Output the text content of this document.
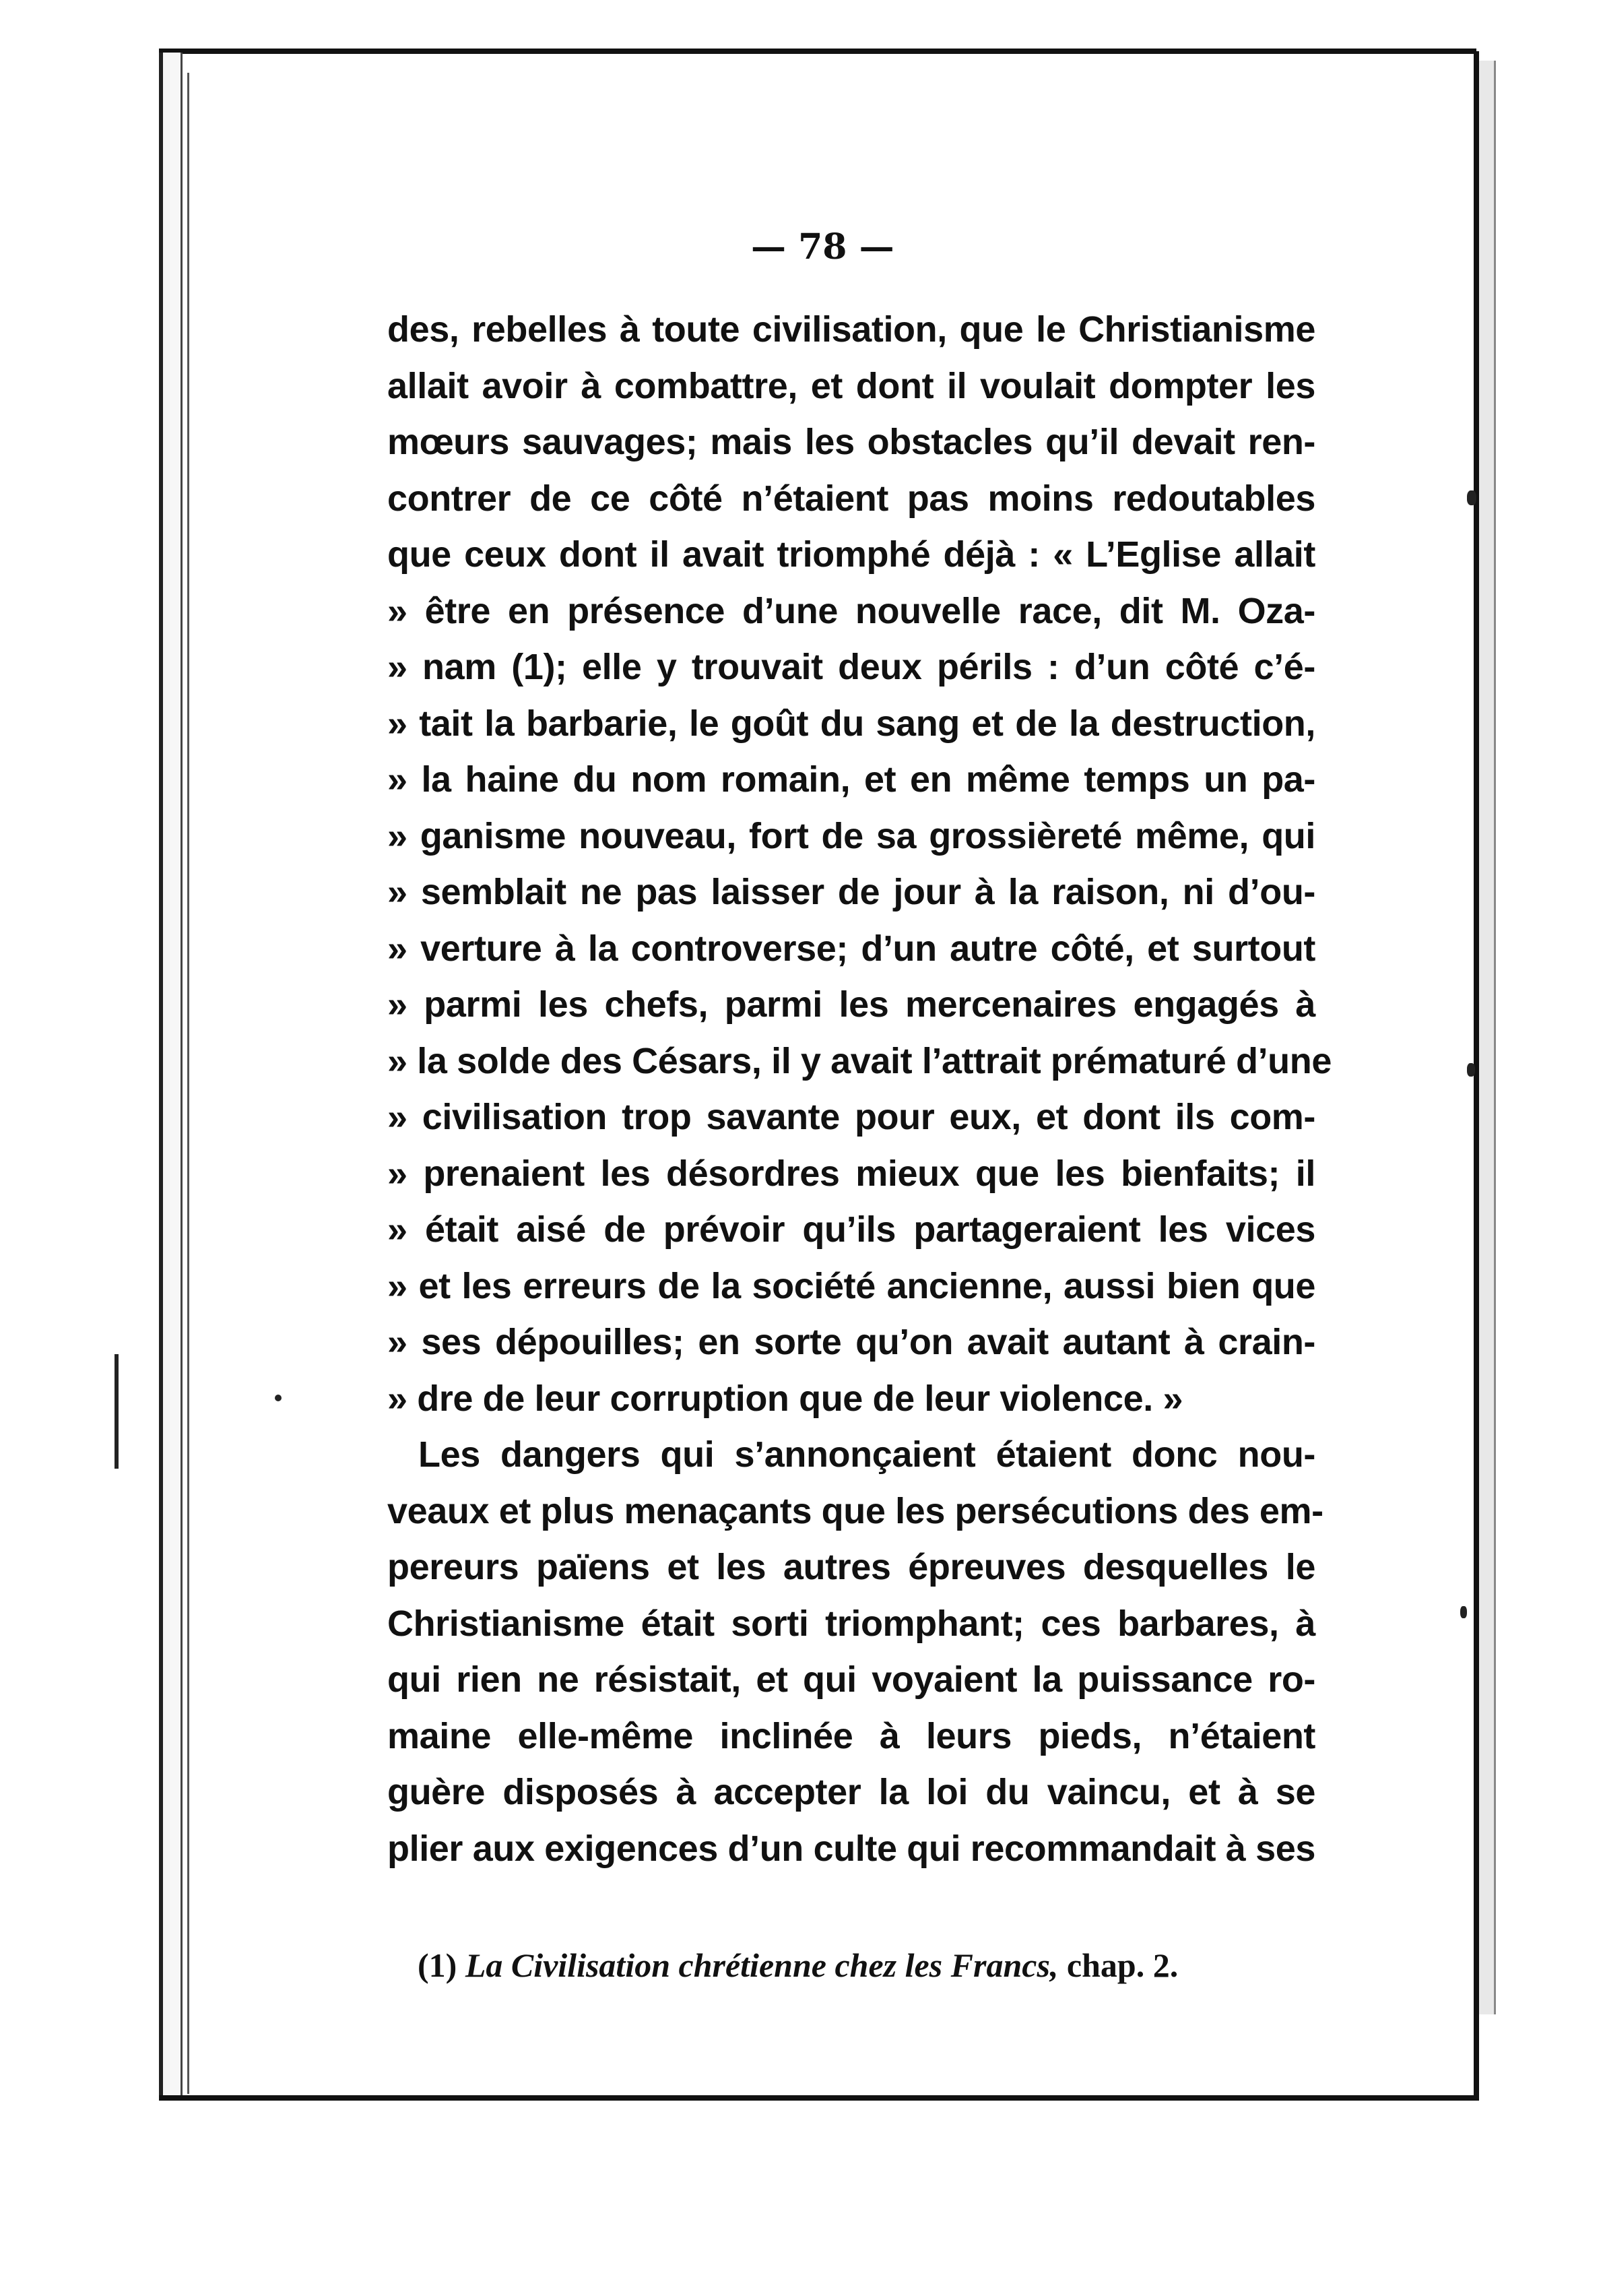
— 78 —
des, rebelles à toute civilisation, que le Christianisme
allait avoir à combattre, et dont il voulait dompter les
mœurs sauvages; mais les obstacles qu’il devait ren-
contrer de ce côté n’étaient pas moins redoutables
que ceux dont il avait triomphé déjà : « L’Eglise allait
» être en présence d’une nouvelle race, dit M. Oza-
» nam (1); elle y trouvait deux périls : d’un côté c’é-
» tait la barbarie, le goût du sang et de la destruction,
» la haine du nom romain, et en même temps un pa-
» ganisme nouveau, fort de sa grossièreté même, qui
» semblait ne pas laisser de jour à la raison, ni d’ou-
» verture à la controverse; d’un autre côté, et surtout
» parmi les chefs, parmi les mercenaires engagés à
» la solde des Césars, il y avait l’attrait prématuré d’une
» civilisation trop savante pour eux, et dont ils com-
» prenaient les désordres mieux que les bienfaits; il
» était aisé de prévoir qu’ils partageraient les vices
» et les erreurs de la société ancienne, aussi bien que
» ses dépouilles; en sorte qu’on avait autant à crain-
» dre de leur corruption que de leur violence. »
Les dangers qui s’annonçaient étaient donc nou-
veaux et plus menaçants que les persécutions des em-
pereurs païens et les autres épreuves desquelles le
Christianisme était sorti triomphant; ces barbares, à
qui rien ne résistait, et qui voyaient la puissance ro-
maine elle-même inclinée à leurs pieds, n’étaient
guère disposés à accepter la loi du vaincu, et à se
plier aux exigences d’un culte qui recommandait à ses
(1) La Civilisation chrétienne chez les Francs, chap. 2.
